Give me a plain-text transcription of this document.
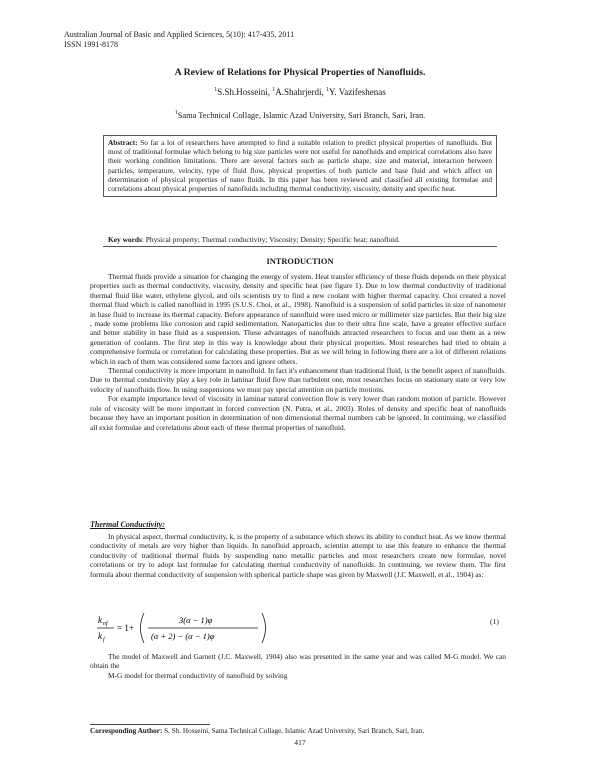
Australian Journal of Basic and Applied Sciences, 5(10): 417-435, 2011
ISSN 1991-8178
A Review of Relations for Physical Properties of Nanofluids.
$^1$S.Sh.Hosseini, $^1$A.Shahrjerdi, $^1$Y. Vazifeshenas
$^1$Sama Technical Collage, Islamic Azad University, Sari Branch, Sari, Iran.
Abstract: So far a lot of researchers have attempted to find a suitable relation to predict physical properties of nanofluids. But most of traditional formulae which belong to big size particles were not useful for nanofluids and empirical correlations also have their working condition limitations. There are several factors such as particle shape, size and material, interaction between particles, temperature, velocity, type of fluid flow, physical properties of both particle and base fluid and which affect on determination of physical properties of nano fluids. In this paper has been reviewed and classified all existing formulae and correlations about physical properties of nanofluids including thermal conductivity, viscosity, density and specific heat.
Key words: Physical property; Thermal conductivity; Viscosity; Density; Specific heat; nanofluid.
INTRODUCTION

Thermal fluids provide a situation for changing the energy of system. Heat transfer efficiency of these fluids depends on their physical properties such as thermal conductivity, viscosity, density and specific heat (see figure 1). Due to low thermal conductivity of traditional thermal fluid like water, ethylene glycol, and oils scientists try to find a new coolant with higher thermal capacity. Choi created a novel thermal fluid which is called nanofluid in 1995 (S.U.S. Choi, et al., 1998). Nanofluid is a suspension of solid particles in size of nanometer in base fluid to increase its thermal capacity. Before appearance of nanofluid were used micro or millimeter size particles. But their big size , made some problems like corrosion and rapid sedimentation. Nanoparticles due to their ultra fine scale, have a greater effective surface and better stability in base fluid as a suspension. These advantages of nanofluids attracted researchers to focus and use them as a new generation of coolants. The first step in this way is knowledge about their physical properties. Most researches had tried to obtain a comprehensive formula or correlation for calculating these properties. But as we will bring in following there are a lot of different relations which in each of them was considered some factors and ignore others.

Thermal conductivity is more important in nanofluid. In fact it's enhancement than traditional fluid, is the benefit aspect of nanofluids. Due to thermal conductivity play a key role in laminar fluid flow than turbulent one, most researches focus on stationary state or very low velocity of nanofluids flow. In using suspensions we must pay special attention on particle motions.

For example importance level of viscosity in laminar natural convection flow is very lower than random motion of particle. However role of viscosity will be more important in forced convection (N. Putra, et al., 2003). Roles of density and specific heat of nanofluids because they have an important position in determination of non dimensional thermal numbers cab be ignored. In continuing, we classified all exist formulae and correlations about each of these thermal properties of nanofluid.

Thermal Conductivity:

In physical aspect, thermal conductivity, k, is the property of a substance which shows its ability to conduct heat. As we know thermal conductivity of metals are very higher than liquids. In nanofluid approach, scientist attempt to use this feature to enhance the thermal conductivity of traditional thermal fluids by suspending nano metallic particles and most researchers create new formulae, novel correlations or try to adopt last formulae for calculating thermal conductivity of nanofluids. In continuing, we review them. The first formula about thermal conductivity of suspension with spherical particle shape was given by Maxwell (J.C Maxwell, et al., 1904) as:

k nf
k f
= 1+
3(α − 1)φ
(α + 2) − (α − 1)φ
(1)

The model of Maxwell and Garnett (J.C. Maxwell, 1904) also was presented in the same year and was called M-G model. We can obtain the

M-G model for thermal conductivity of nanofluid by solving

Corresponding Author: S. Sh. Hosseini, Sama Technical Collage, Islamic Azad University, Sari Branch, Sari, Iran.
417
